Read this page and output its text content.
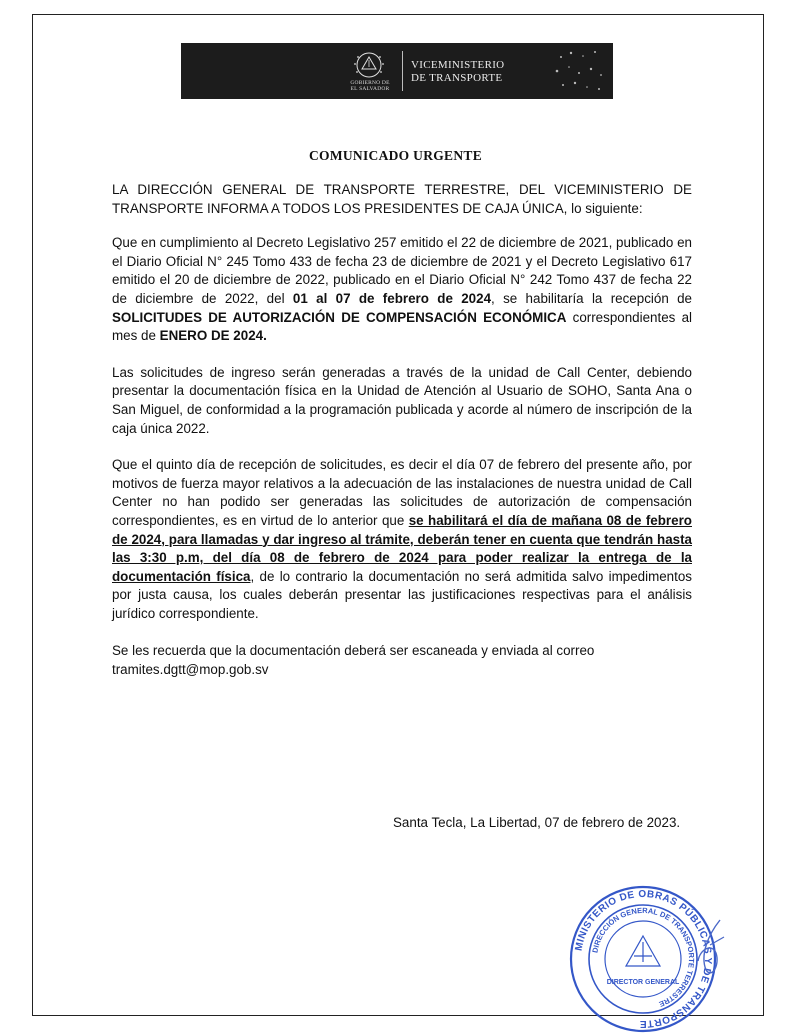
GOBIERNO DE
EL SALVADOR
VICEMINISTERIO
DE TRANSPORTE
COMUNICADO URGENTE

LA DIRECCIÓN GENERAL DE TRANSPORTE TERRESTRE, DEL VICEMINISTERIO DE TRANSPORTE INFORMA A TODOS LOS PRESIDENTES DE CAJA ÚNICA, lo siguiente:

Que en cumplimiento al Decreto Legislativo 257 emitido el 22 de diciembre de 2021, publicado en el Diario Oficial N° 245 Tomo 433 de fecha 23 de diciembre de 2021 y el Decreto Legislativo 617 emitido el 20 de diciembre de 2022, publicado en el Diario Oficial N° 242 Tomo 437 de fecha 22 de diciembre de 2022, del 01 al 07 de febrero de 2024, se habilitaría la recepción de SOLICITUDES DE AUTORIZACIÓN DE COMPENSACIÓN ECONÓMICA correspondientes al mes de ENERO DE 2024.

Las solicitudes de ingreso serán generadas a través de la unidad de Call Center, debiendo presentar la documentación física en la Unidad de Atención al Usuario de SOHO, Santa Ana o San Miguel, de conformidad a la programación publicada y acorde al número de inscripción de la caja única 2022.

Que el quinto día de recepción de solicitudes, es decir el día 07 de febrero del presente año, por motivos de fuerza mayor relativos a la adecuación de las instalaciones de nuestra unidad de Call Center no han podido ser generadas las solicitudes de autorización de compensación correspondientes, es en virtud de lo anterior que se habilitará el día de mañana 08 de febrero de 2024, para llamadas y dar ingreso al trámite, deberán tener en cuenta que tendrán hasta las 3:30 p.m, del día 08 de febrero de 2024 para poder realizar la entrega de la documentación física, de lo contrario la documentación no será admitida salvo impedimentos por justa causa, los cuales deberán presentar las justificaciones respectivas para el análisis jurídico correspondiente.

Se les recuerda que la documentación deberá ser escaneada y enviada al correo
tramites.dgtt@mop.gob.sv

Santa Tecla, La Libertad, 07 de febrero de 2023.
MINISTERIO DE OBRAS PÚBLICAS Y DE TRANSPORTE
DIRECCIÓN GENERAL DE TRANSPORTE TERRESTRE
DIRECTOR GENERAL
